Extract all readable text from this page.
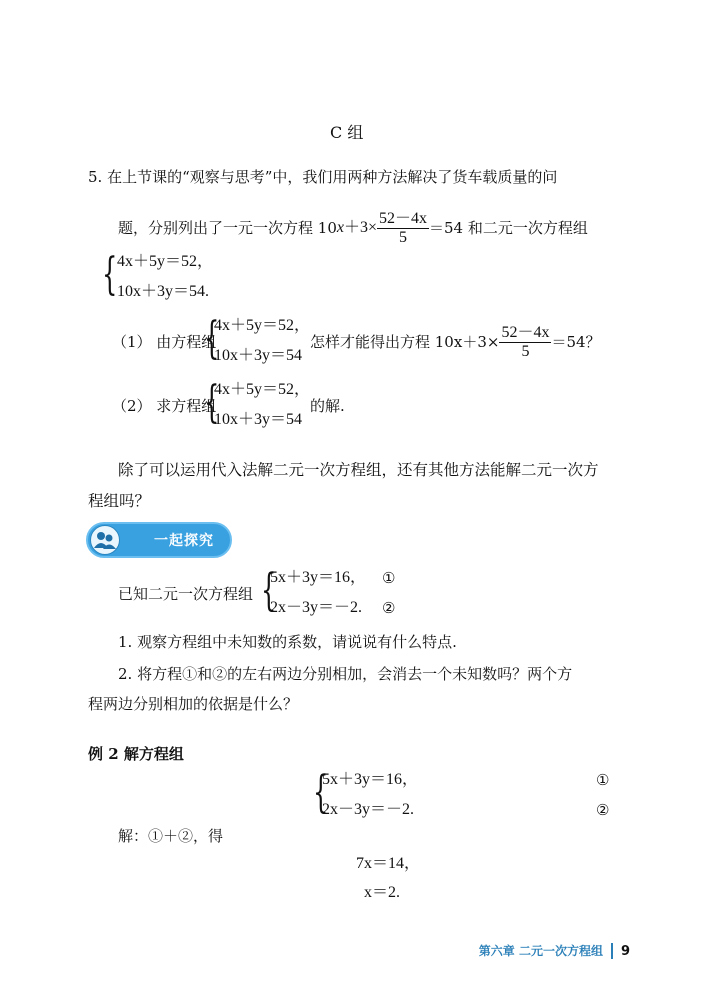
C 组
5. 在上节课的“观察与思考”中，我们用两种方法解决了货车载质量的问
题，分别列出了一元一次方程 10 $x +3\times \frac{52-4x}{5} =54$ 和二元一次方程组
{ 4x＋5y＝52，
10x＋3y＝54.
（1） 由方程组
{
4x＋5y＝52，
10x＋3y＝54
怎样才能得出方程 $10x+3\times \frac{52-4x}{5} =54$？
（2） 求方程组
{
4x＋5y＝52，
10x＋3y＝54
的解.
除了可以运用代入法解二元一次方程组，还有其他方法能解二元一次方
程组吗？
一起探究
已知二元一次方程组 {
5x＋3y＝16，
2x－3y＝－2.
①
②
1. 观察方程组中未知数的系数，请说说有什么特点.
2. 将方程①和②的左右两边分别相加，会消去一个未知数吗？两个方
程两边分别相加的依据是什么？
例 2 解方程组
{
5x＋3y＝16，
2x－3y＝－2.
①
②
解：①＋②，得
7x＝14，
x＝2.
第六章 二元一次方程组 9
